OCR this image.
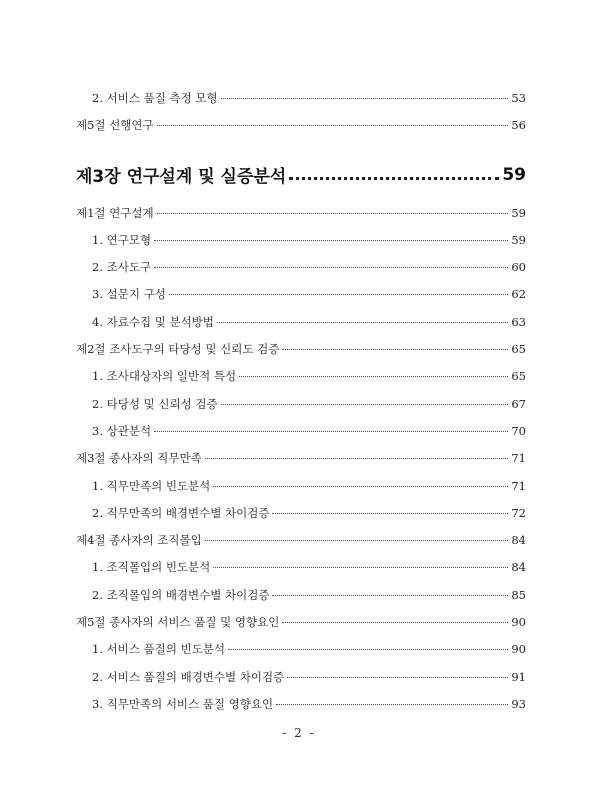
2. 서비스 품질 측정 모형	53
제5절 선행연구	56
제3장 연구설계 및 실증분석	59
제1절 연구설계	59
1. 연구모형	59
2. 조사도구	60
3. 설문지 구성	62
4. 자료수집 및 분석방법	63
제2절 조사도구의 타당성 및 신뢰도 검증	65
1. 조사대상자의 일반적 특성	65
2. 타당성 및 신뢰성 검증	67
3. 상관분석	70
제3절 종사자의 직무만족	71
1. 직무만족의 빈도분석	71
2. 직무만족의 배경변수별 차이검증	72
제4절 종사자의 조직몰입	84
1. 조직몰입의 빈도분석	84
2. 조직몰입의 배경변수별 차이검증	85
제5절 종사자의 서비스 품질 및 영향요인	90
1. 서비스 품질의 빈도분석	90
2. 서비스 품질의 배경변수별 차이검증	91
3. 직무만족의 서비스 품질 영향요인	93
- 2 -
